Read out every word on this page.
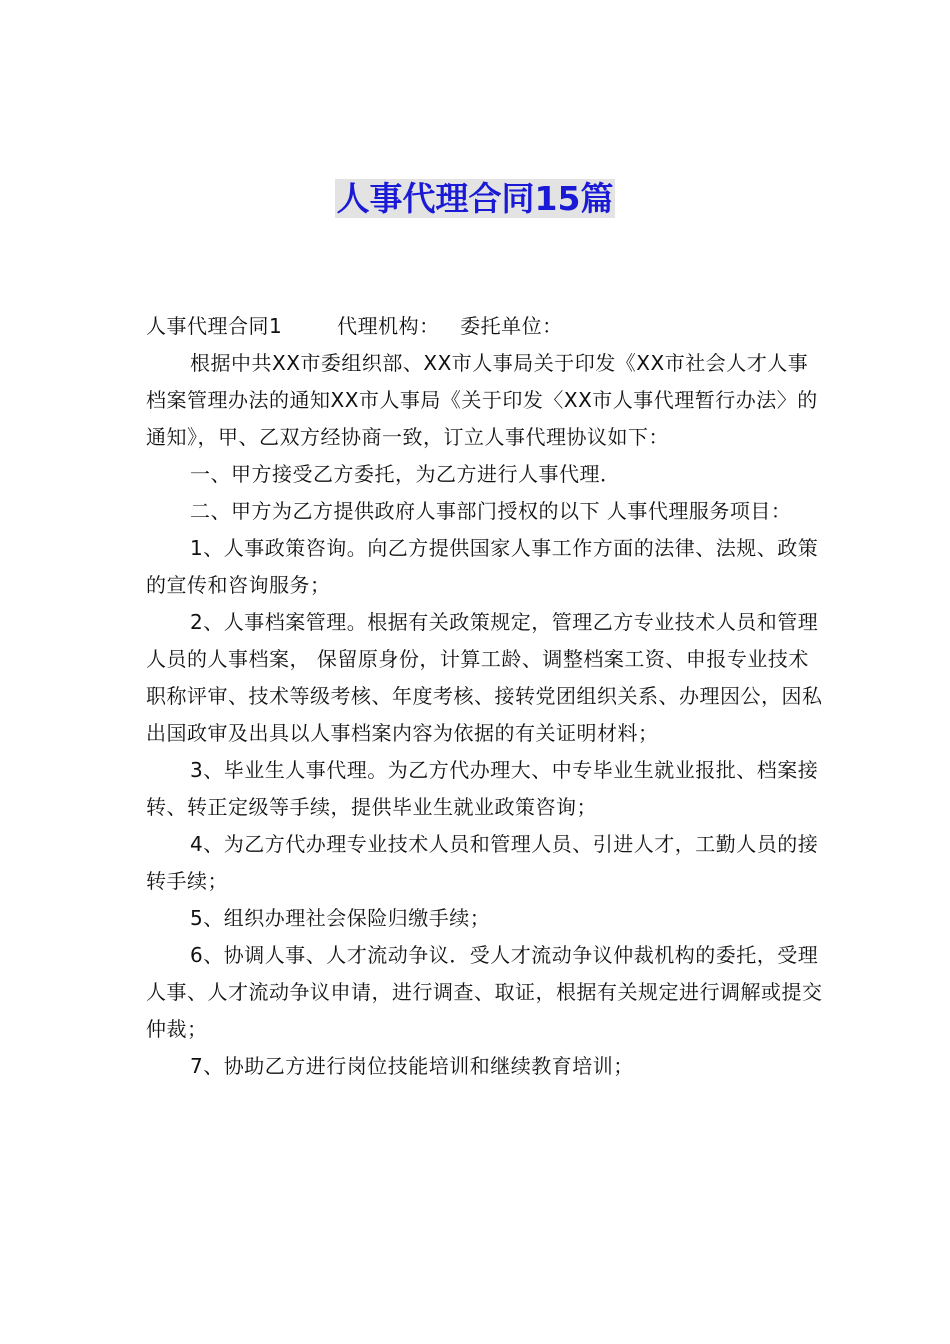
人事代理合同15篇

人事代理合同1        代理机构：   委托单位：

根据中共XX市委组织部、XX市人事局关于印发《XX市社会人才人事档案管理办法的通知XX市人事局《关于印发〈XX市人事代理暂行办法〉的通知》，甲、乙双方经协商一致，订立人事代理协议如下：

一、甲方接受乙方委托，为乙方进行人事代理．

二、甲方为乙方提供政府人事部门授权的以下 人事代理服务项目：

1、人事政策咨询。向乙方提供国家人事工作方面的法律、法规、政策的宣传和咨询服务；

2、人事档案管理。根据有关政策规定，管理乙方专业技术人员和管理人员的人事档案， 保留原身份，计算工龄、调整档案工资、申报专业技术职称评审、技术等级考核、年度考核、接转党团组织关系、办理因公，因私出国政审及出具以人事档案内容为依据的有关证明材料；

3、毕业生人事代理。为乙方代办理大、中专毕业生就业报批、档案接转、转正定级等手续，提供毕业生就业政策咨询；

4、为乙方代办理专业技术人员和管理人员、引进人才，工勤人员的接转手续；

5、组织办理社会保险归缴手续；

6、协调人事、人才流动争议．受人才流动争议仲裁机构的委托，受理人事、人才流动争议申请，进行调查、取证，根据有关规定进行调解或提交仲裁；

7、协助乙方进行岗位技能培训和继续教育培训；
